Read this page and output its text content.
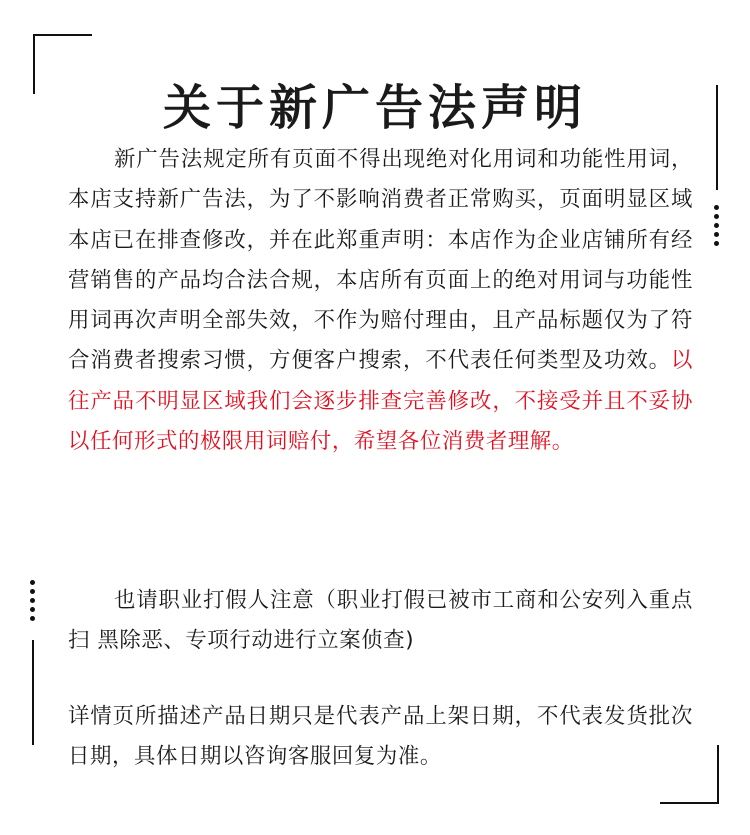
关于新广告法声明

新广告法规定所有页面不得出现绝对化用词和功能性用词，本店支持新广告法，为了不影响消费者正常购买，页面明显区域本店已在排查修改，并在此郑重声明：本店作为企业店铺所有经营销售的产品均合法合规，本店所有页面上的绝对用词与功能性用词再次声明全部失效，不作为赔付理由，且产品标题仅为了符合消费者搜索习惯，方便客户搜索，不代表任何类型及功效。以往产品不明显区域我们会逐步排查完善修改，不接受并且不妥协以任何形式的极限用词赔付，希望各位消费者理解。

也请职业打假人注意（职业打假已被市工商和公安列入重点扫 黑除恶、专项行动进行立案侦查)

详情页所描述产品日期只是代表产品上架日期，不代表发货批次日期，具体日期以咨询客服回复为准。
